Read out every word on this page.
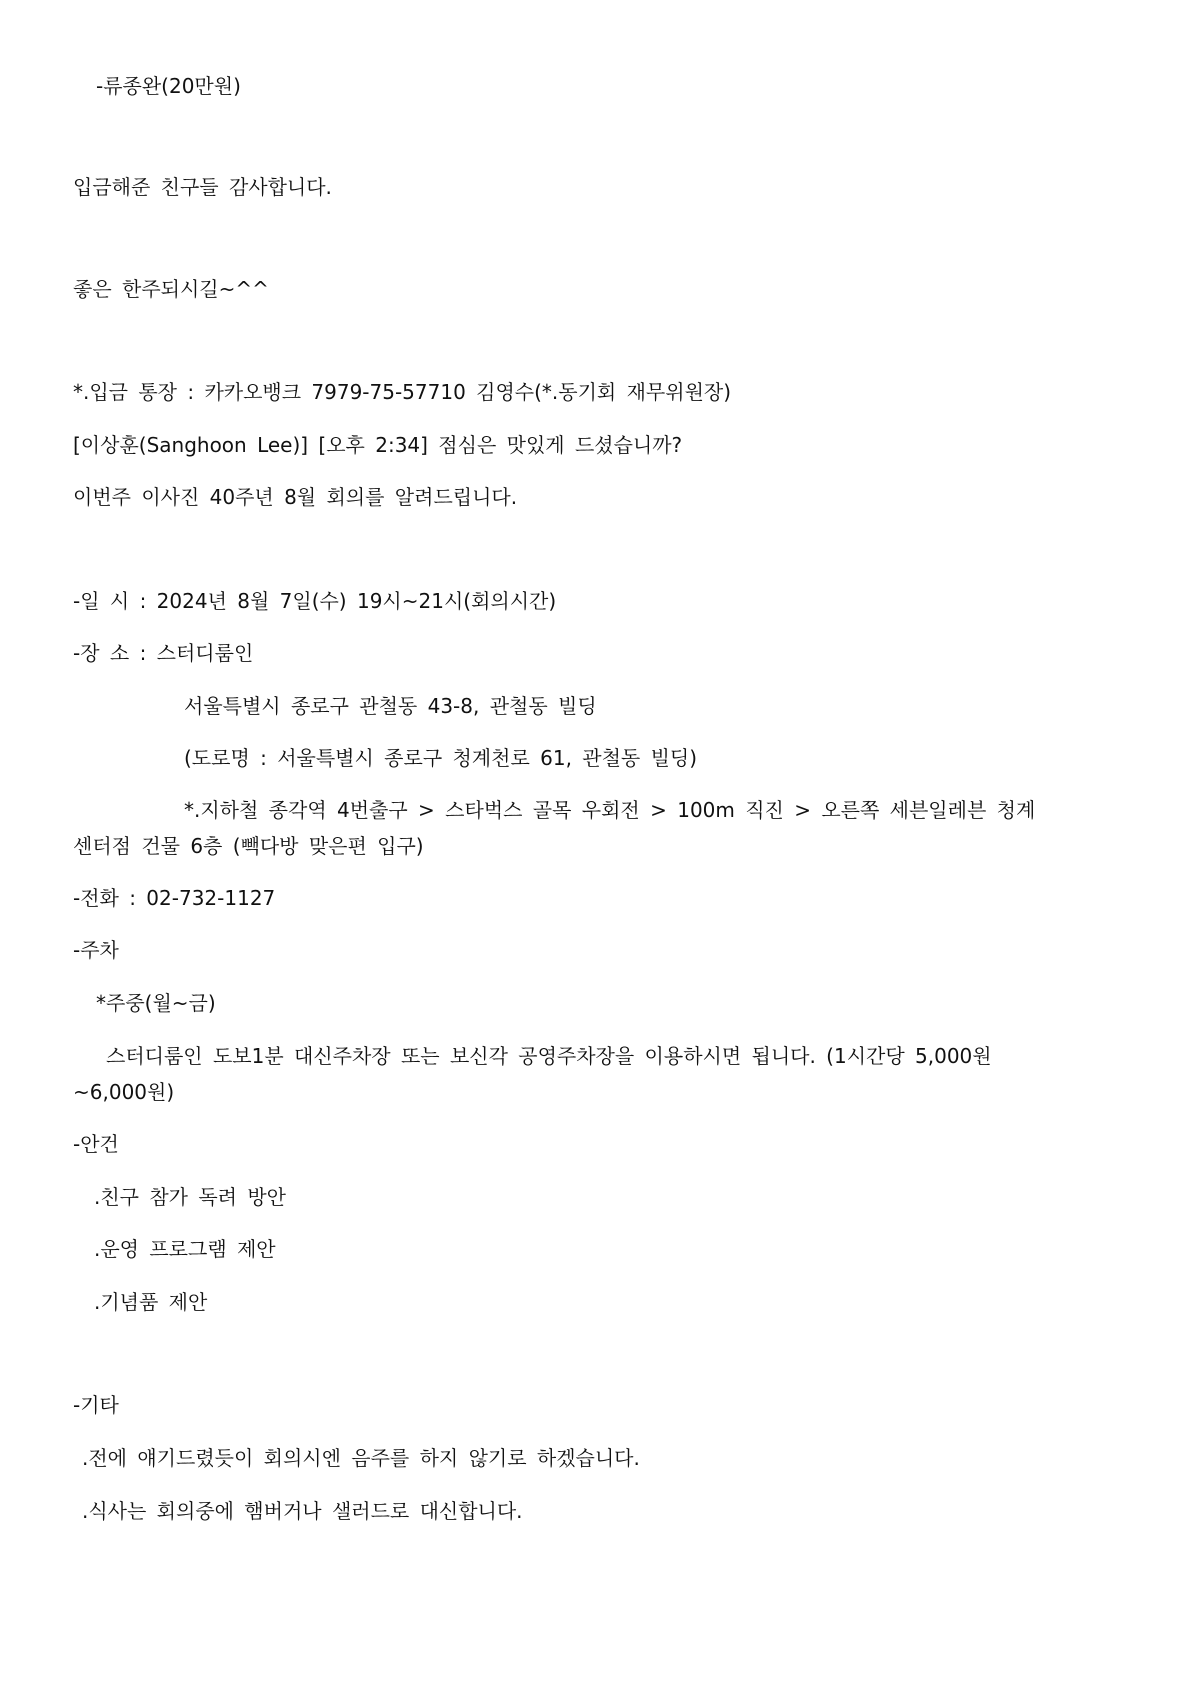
-류종완(20만원)
입금해준 친구들 감사합니다.
좋은 한주되시길~^^
*.입금 통장 : 카카오뱅크 7979-75-57710 김영수(*.동기회 재무위원장)
[이상훈(Sanghoon Lee)] [오후 2:34] 점심은 맛있게 드셨습니까?
이번주 이사진 40주년 8월 회의를 알려드립니다.
-일 시 : 2024년 8월 7일(수) 19시~21시(회의시간)
-장 소 : 스터디룸인
서울특별시 종로구 관철동 43-8, 관철동 빌딩
(도로명 : 서울특별시 종로구 청계천로 61, 관철동 빌딩)
*.지하철 종각역 4번출구 > 스타벅스 골목 우회전 > 100m 직진 > 오른쪽 세븐일레븐 청계
센터점 건물 6층 (빽다방 맞은편 입구)
-전화 : 02-732-1127
-주차
*주중(월~금)
스터디룸인 도보1분 대신주차장 또는 보신각 공영주차장을 이용하시면 됩니다. (1시간당 5,000원
~6,000원)
-안건
.친구 참가 독려 방안
.운영 프로그램 제안
.기념품 제안
-기타
.전에 얘기드렸듯이 회의시엔 음주를 하지 않기로 하겠습니다.
.식사는 회의중에 햄버거나 샐러드로 대신합니다.
